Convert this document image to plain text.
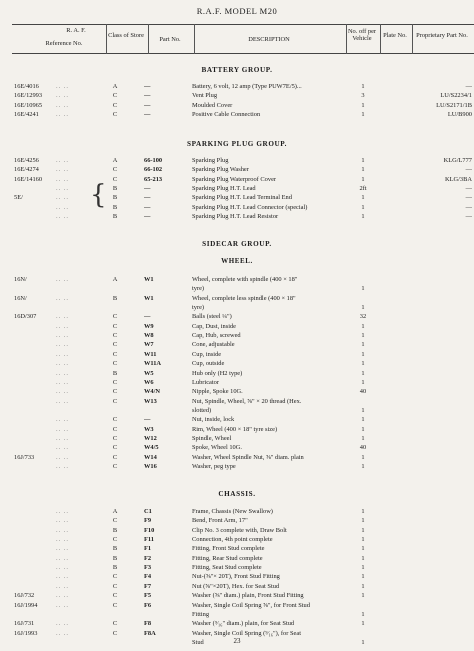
R.A.F. MODEL M20
R. A. F.
Reference No.
Class of Store
Part No.	DESCRIPTION
No. off per Vehicle	Plate No.	Proprietary Part No.
BATTERY GROUP.
.. ..
16E/4016	A	—	Battery, 6 volt, 12 amp (Type PUW7E/5)...	1	—
.. ..
16E/12993	C	—	Vent Plug	3	LU/S2234/1
.. ..
16E/10965	C	—	Moulded Cover	1	LU/S2171/1B
.. ..
16E/4241	C	—	Positive Cable Connection	1	LU/B900
SPARKING PLUG GROUP.
.. ..
16E/4256	A	66-100	Sparking Plug	1	KLG/L777
.. ..
16E/4274	C	66-102	Sparking Plug Washer	1	—
.. ..
16E/14160	C	65-213	Sparking Plug Waterproof Cover	1	KLG/3BA
.. ..	B	—	Sparking Plug H.T. Lead	2ft	—
.. ..
5E/	B	—	Sparking Plug H.T. Lead Terminal End	1	—
.. ..	B	—	Sparking Plug H.T. Lead Connector (special)	1	—
.. ..	B	—	Sparking Plug H.T. Lead Resistor	1	—
SIDECAR GROUP.
WHEEL.
.. ..
16N/	A	W1	Wheel, complete with spindle (400 × 18"
tyre)	1
.. ..
16N/	B	W1	Wheel, complete less spindle (400 × 18"
tyre)	1
.. ..
16D/307	C	—	Balls (steel ¼")	32
.. ..	C	W9	Cap, Dust, inside	1
.. ..	C	W8	Cap, Hub, screwed	1
.. ..	C	W7	Cone, adjustable	1
.. ..	C	W11	Cup, inside	1
.. ..	C	W11A	Cup, outside	1
.. ..	B	W5	Hub only (H2 type)	1
.. ..	C	W6	Lubricator	1
.. ..	C	W4/N	Nipple, Spoke 10G.	40
.. ..	C	W13	Nut, Spindle, Wheel, ⅝" × 20 thread (Hex.
slotted)	1
.. ..	C	—	Nut, inside, lock	1
.. ..	C	W3	Rim, Wheel (400 × 18" tyre size)	1
.. ..	C	W12	Spindle, Wheel	1
.. ..	C	W4/5	Spoke, Wheel 10G.	40
.. ..
16J/733	C	W14	Washer, Wheel Spindle Nut, ⅝" diam. plain	1
.. ..	C	W16	Washer, peg type	1
CHASSIS.
.. ..	A	C1	Frame, Chassis (New Swallow)	1
.. ..	C	F9	Bend, Front Arm, 17"	1
.. ..	B	F10	Clip No. 3 complete with, Draw Bolt	1
.. ..	C	F11	Connection, 4th point complete	1
.. ..	B	F1	Fitting, Front Stud complete	1
.. ..	B	F2	Fitting, Rear Stud complete	1
.. ..	B	F3	Fitting, Seat Stud complete	1
.. ..	C	F4	Nut-(⅝"× 20T), Front Stud Fitting	1
.. ..	C	F7	Nut (⅝"×20T), Hex. for Seat Stud	1
.. ..
16J/732	C	F5	Washer (⅝" diam.) plain, Front Stud Fitting	1
.. ..
16J/1994	C	F6	Washer, Single Coil Spring ⅝", for Front Stud
Fitting	1
.. ..
16J/731	C	F8	Washer (⁹⁄₁₆" diam.) plain, for Seat Stud	1
.. ..
16J/1993	C	F8A	Washer, Single Coil Spring (⁹⁄₁₆"), for Seat
Stud	1
{
23
